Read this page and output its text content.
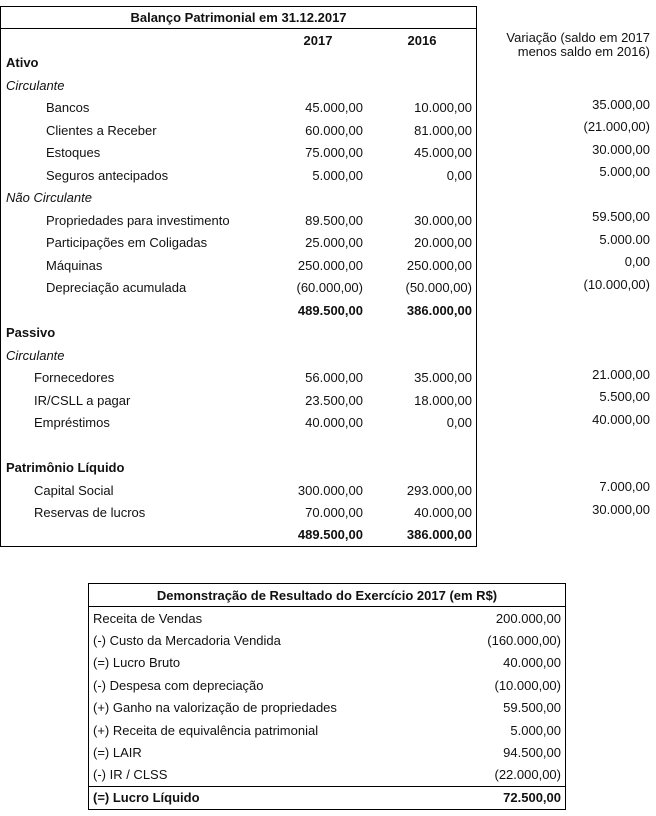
Balanço Patrimonial em 31.12.2017
2017	2016
Ativo
Circulante
Bancos	45.000,00	10.000,00	35.000,00
Clientes a Receber	60.000,00	81.000,00	(21.000,00)
Estoques	75.000,00	45.000,00	30.000,00
Seguros antecipados	5.000,00	0,00	5.000,00
Não Circulante
Propriedades para investimento	89.500,00	30.000,00	59.500,00
Participações em Coligadas	25.000,00	20.000,00	5.000.00
Máquinas	250.000,00	250.000,00	0,00
Depreciação acumulada	(60.000,00)	(50.000,00)	(10.000,00)
489.500,00	386.000,00
Passivo
Circulante
Fornecedores	56.000,00	35.000,00	21.000,00
IR/CSLL a pagar	23.500,00	18.000,00	5.500,00
Empréstimos	40.000,00	0,00	40.000,00
Patrimônio Líquido
Capital Social	300.000,00	293.000,00	7.000,00
Reservas de lucros	70.000,00	40.000,00	30.000,00
489.500,00	386.000,00
Variação (saldo em 2017
menos saldo em 2016)
Demonstração de Resultado do Exercício 2017 (em R$)
Receita de Vendas	200.000,00
(-) Custo da Mercadoria Vendida	(160.000,00)
(=) Lucro Bruto	40.000,00
(-) Despesa com depreciação	(10.000,00)
(+) Ganho na valorização de propriedades	59.500,00
(+) Receita de equivalência patrimonial	5.000,00
(=) LAIR	94.500,00
(-) IR / CLSS	(22.000,00)
(=) Lucro Líquido	72.500,00
